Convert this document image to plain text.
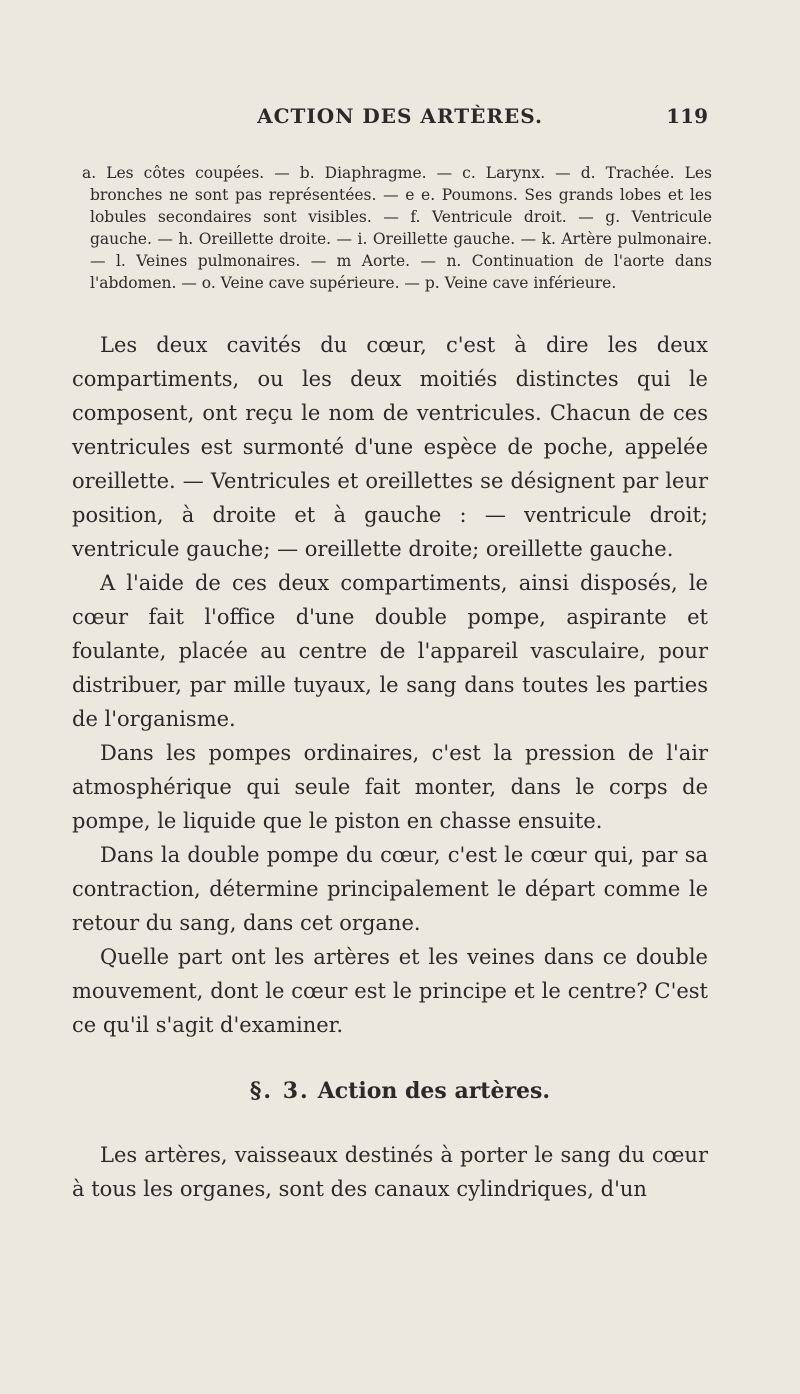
ACTION DES ARTÈRES.	119

a. Les côtes coupées. — b. Diaphragme. — c. Larynx. — d. Trachée. Les bronches ne sont pas représentées. — e e. Poumons. Ses grands lobes et les lobules secondaires sont visibles. — f. Ventricule droit. — g. Ventricule gauche. — h. Oreillette droite. — i. Oreillette gauche. — k. Artère pulmonaire. — l. Veines pulmonaires. — m Aorte. — n. Continuation de l'aorte dans l'abdomen. — o. Veine cave supérieure. — p. Veine cave inférieure.

Les deux cavités du cœur, c'est à dire les deux compartiments, ou les deux moitiés distinctes qui le composent, ont reçu le nom de ventricules. Chacun de ces ventricules est surmonté d'une espèce de poche, appelée oreillette. — Ventricules et oreillettes se désignent par leur position, à droite et à gauche : — ventricule droit; ventricule gauche; — oreillette droite; oreillette gauche.

A l'aide de ces deux compartiments, ainsi disposés, le cœur fait l'office d'une double pompe, aspirante et foulante, placée au centre de l'appareil vasculaire, pour distribuer, par mille tuyaux, le sang dans toutes les parties de l'organisme.

Dans les pompes ordinaires, c'est la pression de l'air atmosphérique qui seule fait monter, dans le corps de pompe, le liquide que le piston en chasse ensuite.

Dans la double pompe du cœur, c'est le cœur qui, par sa contraction, détermine principalement le départ comme le retour du sang, dans cet organe.

Quelle part ont les artères et les veines dans ce double mouvement, dont le cœur est le principe et le centre? C'est ce qu'il s'agit d'examiner.

§. 3. Action des artères.

Les artères, vaisseaux destinés à porter le sang du cœur à tous les organes, sont des canaux cylindriques, d'un
